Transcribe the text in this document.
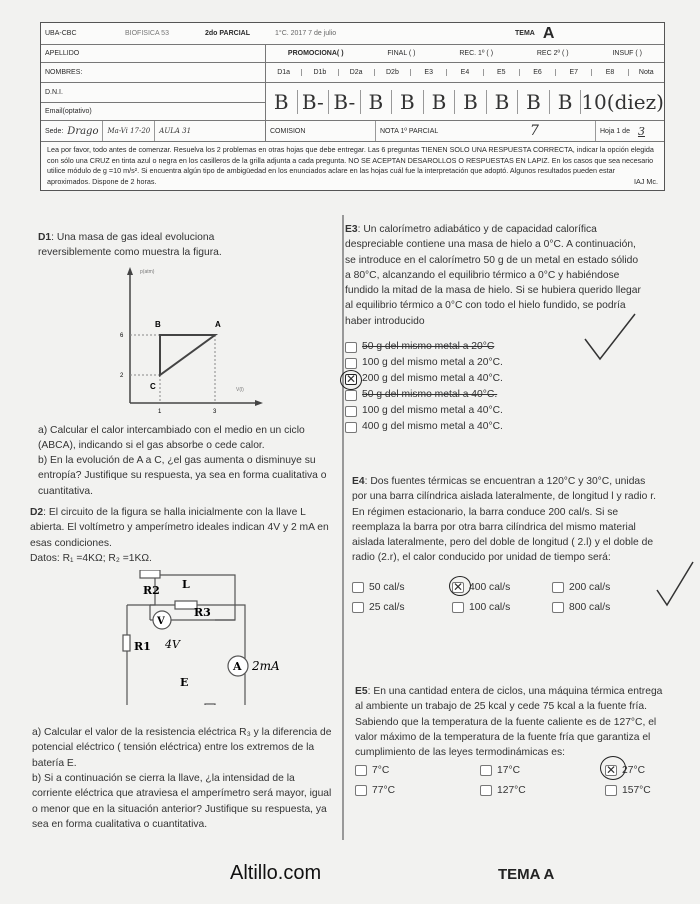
UBA-CBC	BIOFISICA 53	2do PARCIAL	1°C. 2017 7 de julio	TEMA A
APELLIDO
NOMBRES:
D.N.I.
Email(optativo)
Sede: Drago	Ma-Vi 17-20	AULA 31
PROMOCIONA( )	FINAL ( )	REC. 1º ( )	REC 2º ( )	INSUF ( )
D1a	D1b	D2a	D2b	E3	E4	E5	E6	E7	E8	Nota
B B- B- B B B B B B B 10(diez)
COMISION	NOTA 1º PARCIAL	7	Hoja 1 de 3
Lea por favor, todo antes de comenzar. Resuelva los 2 problemas en otras hojas que debe entregar. Las 6 preguntas TIENEN SOLO UNA RESPUESTA CORRECTA, indicar la opción elegida con sólo una CRUZ en tinta azul o negra en los casilleros de la grilla adjunta a cada pregunta. NO SE ACEPTAN DESAROLLOS O RESPUESTAS EN LAPIZ. En los casos que sea necesario utilice módulo de g =10 m/s². Si encuentra algún tipo de ambigüedad en los enunciados aclare en las hojas cuál fue la interpretación que adoptó. Algunos resultados pueden estar aproximados. Dispone de 2 horas.	IAJ Mc.
D1: Una masa de gas ideal evoluciona reversiblemente como muestra la figura.
p(atm)
V(l)
6
2
1	3
A
B
C
a) Calcular el calor intercambiado con el medio en un ciclo (ABCA), indicando si el gas absorbe o cede calor.
b) En la evolución de A a C, ¿el gas aumenta o disminuye su entropía? Justifique su respuesta, ya sea en forma cualitativa o cuantitativa.
D2: El circuito de la figura se halla inicialmente con la llave L abierta. El voltímetro y amperímetro ideales indican 4V y 2 mA en esas condiciones.
Datos: R₁ =4KΩ; R₂ =1KΩ.
R2 L
R3
V
R1 4V
A 2mA
E
a) Calcular el valor de la resistencia eléctrica R₃ y la diferencia de potencial eléctrico ( tensión eléctrica) entre los extremos de la batería E.
b) Si a continuación se cierra la llave, ¿la intensidad de la corriente eléctrica que atraviesa el amperímetro será mayor, igual o menor que en la situación anterior? Justifique su respuesta, ya sea en forma cualitativa o cuantitativa.
E3: Un calorímetro adiabático y de capacidad calorífica despreciable contiene una masa de hielo a 0°C. A continuación, se introduce en el calorímetro 50 g de un metal en estado sólido a 80°C, alcanzando el equilibrio térmico a 0°C y habiéndose fundido la mitad de la masa de hielo. Si se hubiera querido llegar al equilibrio térmico a 0°C con todo el hielo fundido, se podría haber introducido
50 g del mismo metal a 20°C
100 g del mismo metal a 20°C.
✕ 200 g del mismo metal a 40°C.
50 g del mismo metal a 40°C.
100 g del mismo metal a 40°C.
400 g del mismo metal a 40°C.
E4: Dos fuentes térmicas se encuentran a 120°C y 30°C, unidas por una barra cilíndrica aislada lateralmente, de longitud l y radio r. En régimen estacionario, la barra conduce 200 cal/s. Si se reemplaza la barra por otra barra cilíndrica del mismo material aislada lateralmente, pero del doble de longitud ( 2.l) y el doble de radio (2.r), el calor conducido por unidad de tiempo será:
50 cal/s	✕ 400 cal/s	200 cal/s
25 cal/s	100 cal/s	800 cal/s
E5: En una cantidad entera de ciclos, una máquina térmica entrega al ambiente un trabajo de 25 kcal y cede 75 kcal a la fuente fría. Sabiendo que la temperatura de la fuente caliente es de 127°C, el valor máximo de la temperatura de la fuente fría que garantiza el cumplimiento de las leyes termodinámicas es:
7°C	17°C	✕ 27°C
77°C	127°C	157°C
Altillo.com	TEMA A
